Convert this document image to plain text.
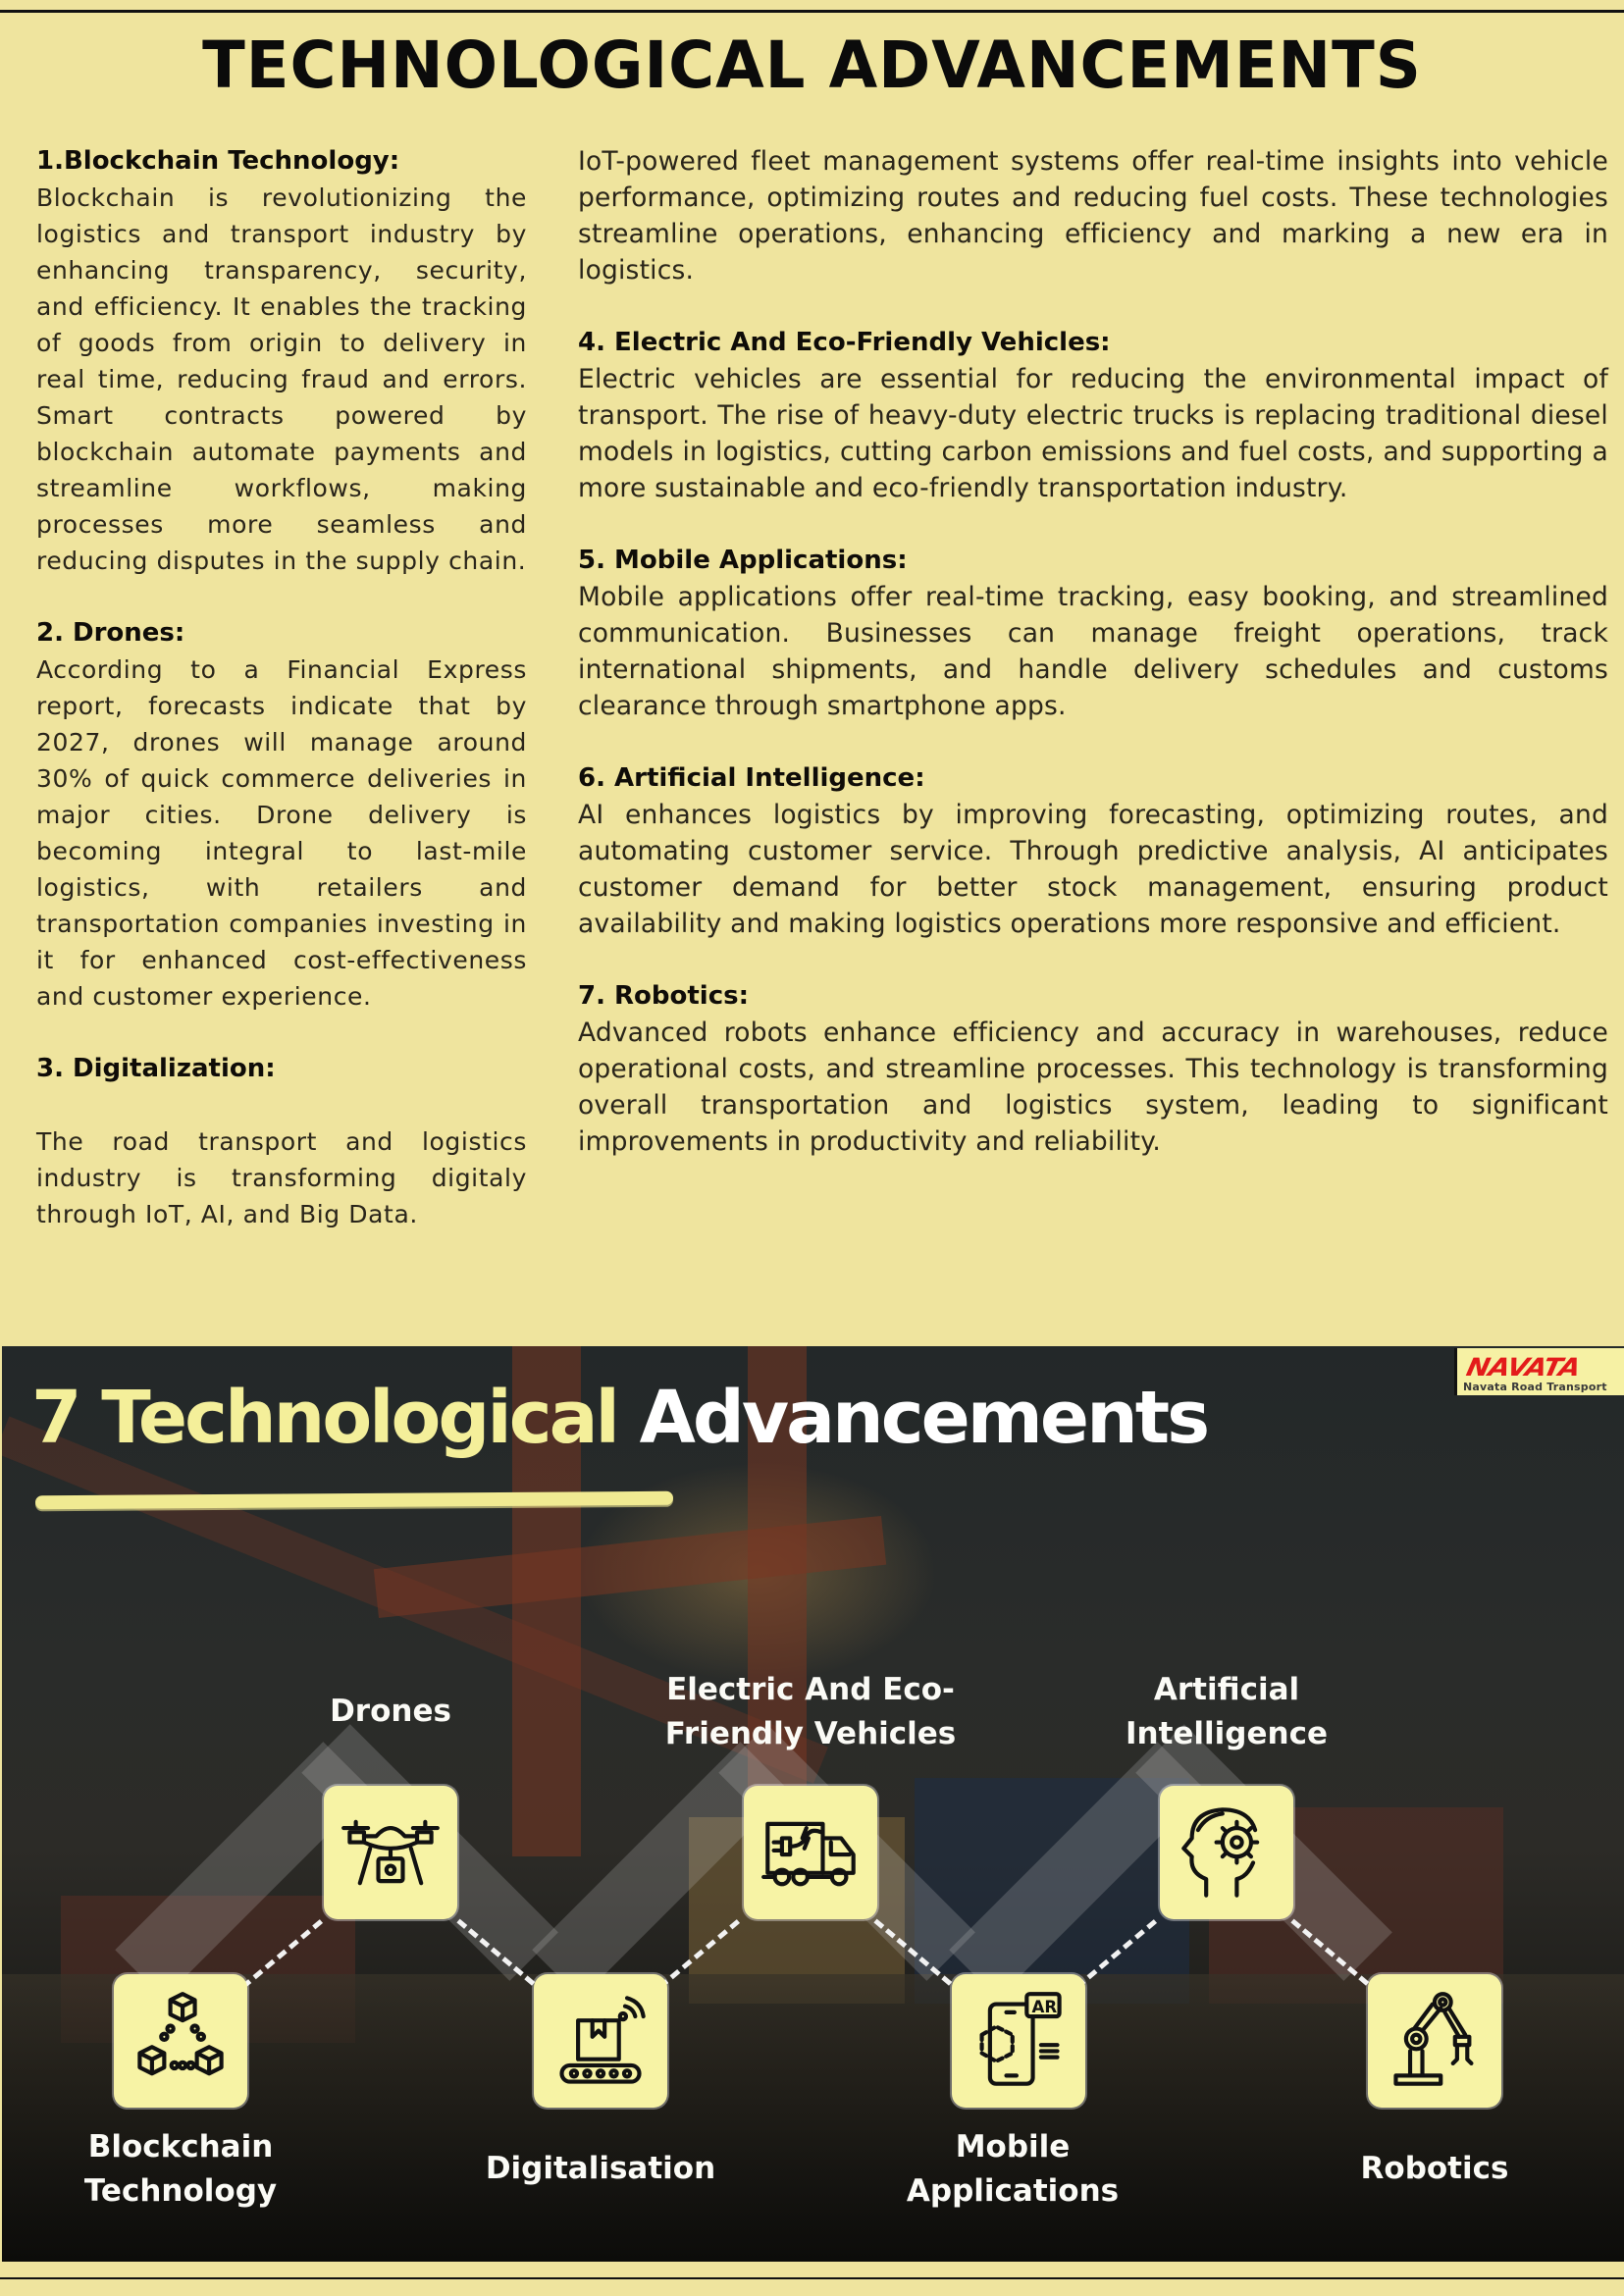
TECHNOLOGICAL ADVANCEMENTS
1.Blockchain Technology:

Blockchain is revolutionizing the logistics and transport industry by enhancing transparency, security, and efficiency. It enables the tracking of goods from origin to delivery in real time, reducing fraud and errors. Smart contracts powered by blockchain automate payments and streamline workflows, making processes more seamless and reducing disputes in the supply chain.

2. Drones:

According to a Financial Express report, forecasts indicate that by 2027, drones will manage around 30% of quick commerce deliveries in major cities. Drone delivery is becoming integral to last-mile logistics, with retailers and transportation companies investing in it for enhanced cost-effectiveness and customer experience.

3. Digitalization:

The road transport and logistics industry is transforming digitaly through IoT, AI, and Big Data.

IoT-powered fleet management systems offer real-time insights into vehicle performance, optimizing routes and reducing fuel costs. These technologies streamline operations, enhancing efficiency and marking a new era in logistics.

4. Electric And Eco-Friendly Vehicles:

Electric vehicles are essential for reducing the environmental impact of transport. The rise of heavy-duty electric trucks is replacing traditional diesel models in logistics, cutting carbon emissions and fuel costs, and supporting a more sustainable and eco-friendly transportation industry.

5. Mobile Applications:

Mobile applications offer real-time tracking, easy booking, and streamlined communication. Businesses can manage freight operations, track international shipments, and handle delivery schedules and customs clearance through smartphone apps.

6. Artificial Intelligence:

AI enhances logistics by improving forecasting, optimizing routes, and automating customer service. Through predictive analysis, AI anticipates customer demand for better stock management, ensuring product availability and making logistics operations more responsive and efficient.

7. Robotics:

Advanced robots enhance efficiency and accuracy in warehouses, reduce operational costs, and streamline processes. This technology is transforming overall transportation and logistics system, leading to significant improvements in productivity and reliability.

7 Technological Advancements
NAVATA
Navata Road Transport
AR
Drones
Electric And Eco-
Friendly Vehicles
Artificial
Intelligence
Blockchain
Technology
Digitalisation
Mobile
Applications
Robotics
